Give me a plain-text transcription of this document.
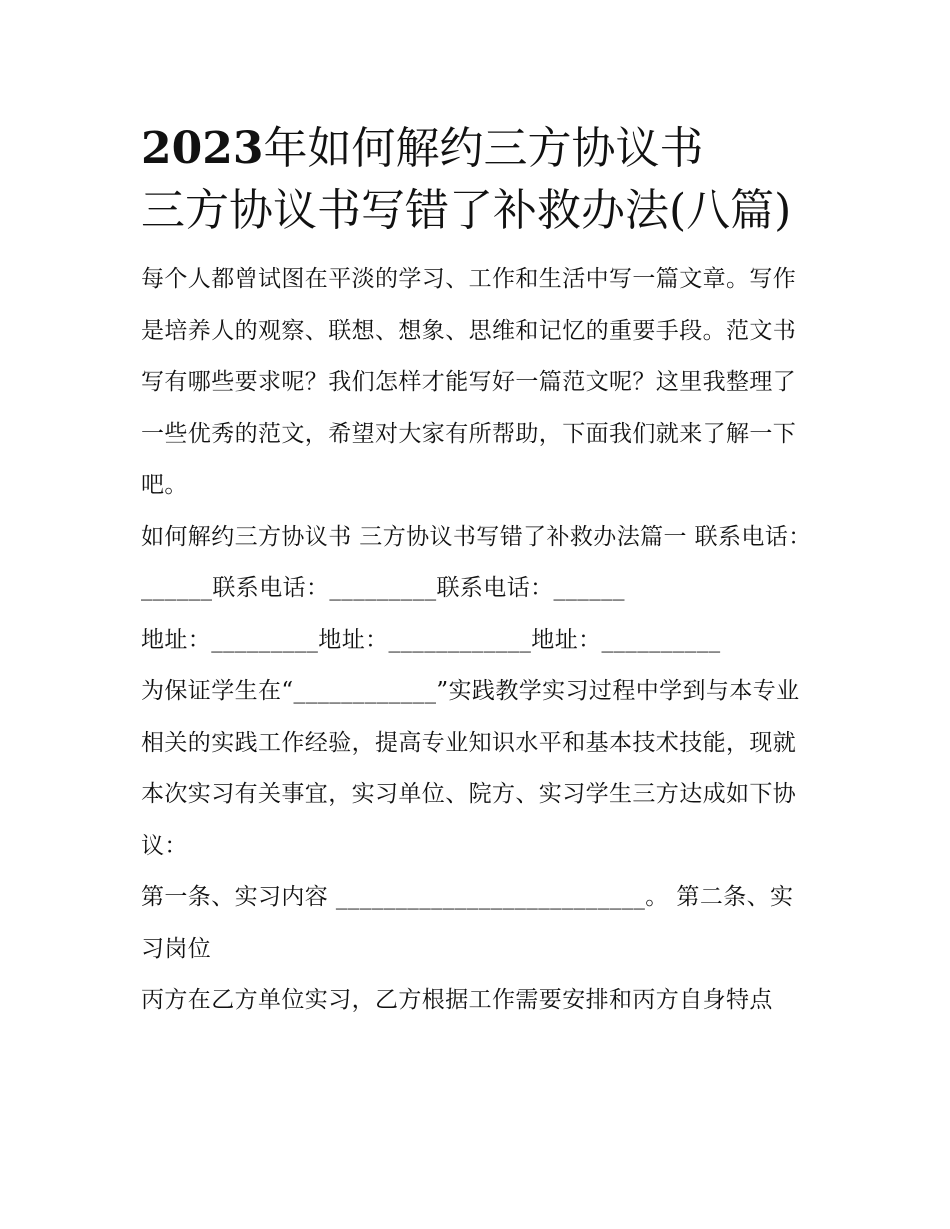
2023年如何解约三方协议书
三方协议书写错了补救办法(八篇)

每个人都曾试图在平淡的学习、工作和生活中写一篇文章。写作是培养人的观察、联想、想象、思维和记忆的重要手段。范文书写有哪些要求呢？我们怎样才能写好一篇范文呢？这里我整理了一些优秀的范文，希望对大家有所帮助，下面我们就来了解一下吧。

如何解约三方协议书 三方协议书写错了补救办法篇一 联系电话：______联系电话：_________联系电话：______

地址：_________地址：____________地址：__________

为保证学生在“____________”实践教学实习过程中学到与本专业相关的实践工作经验，提高专业知识水平和基本技术技能，现就本次实习有关事宜，实习单位、院方、实习学生三方达成如下协议：

第一条、实习内容 __________________________。 第二条、实习岗位

丙方在乙方单位实习，乙方根据工作需要安排和丙方自身特点
